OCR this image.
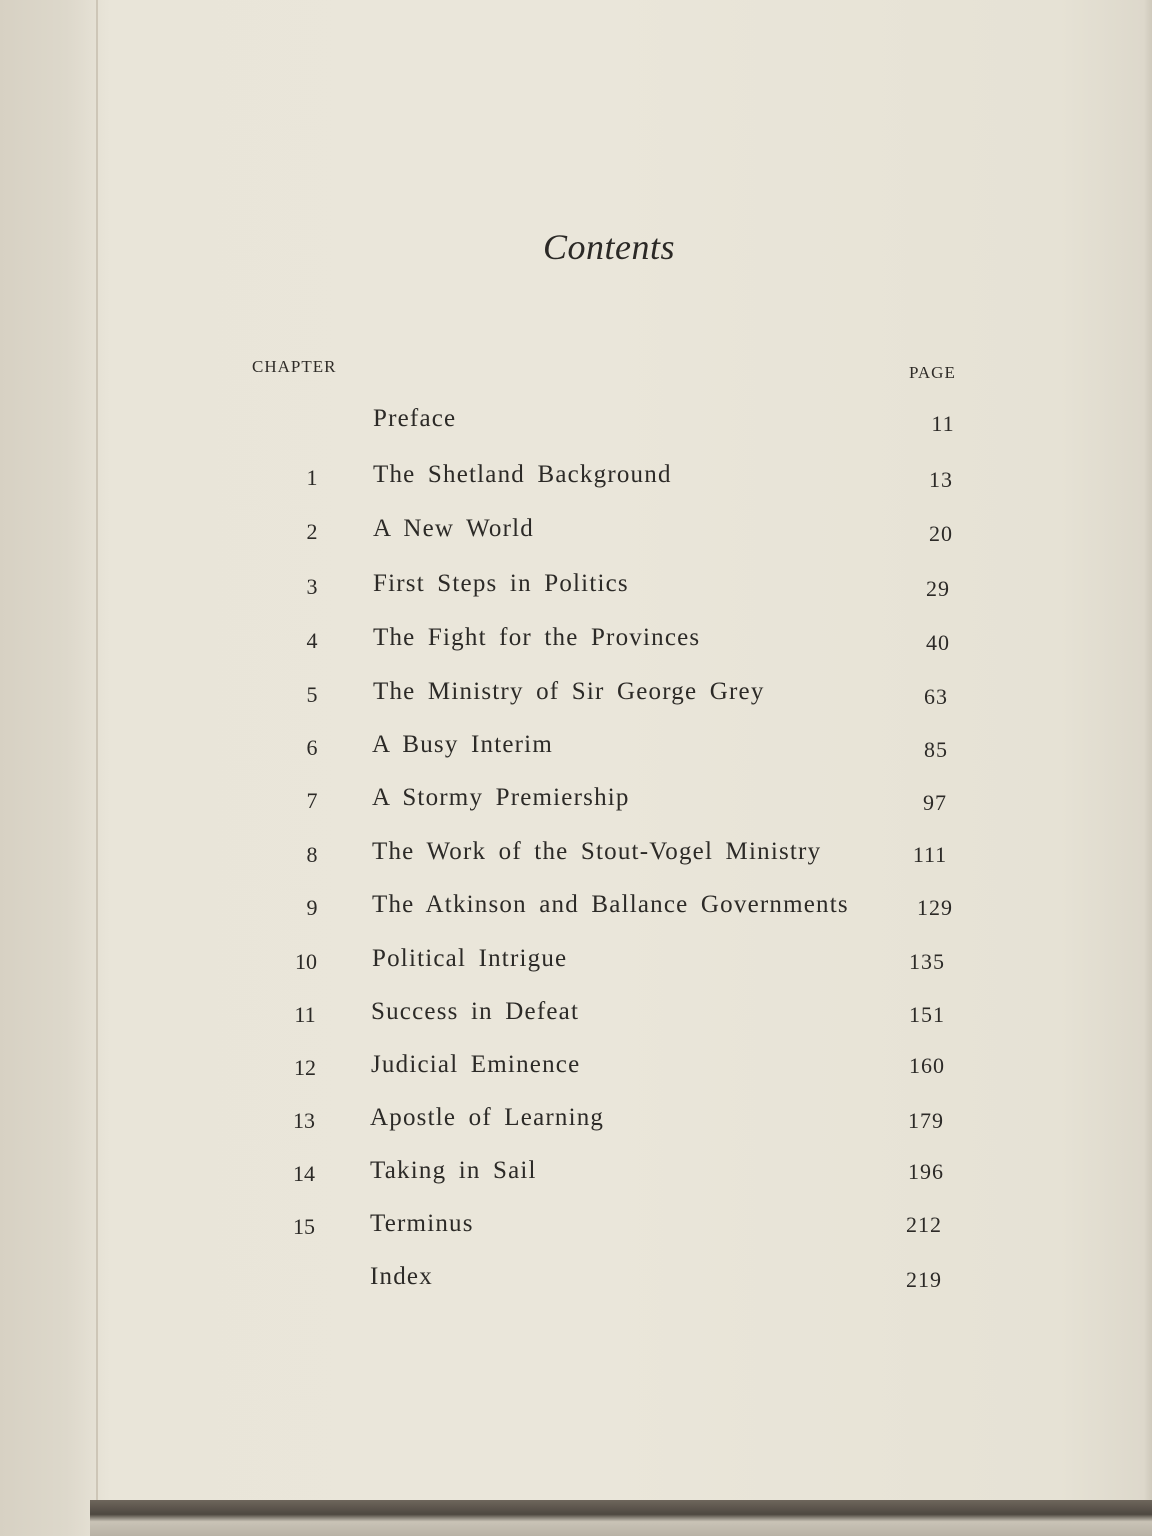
Contents
CHAPTER	PAGE
Preface	11
1	The Shetland Background	13
2	A New World	20
3	First Steps in Politics	29
4	The Fight for the Provinces	40
5	The Ministry of Sir George Grey	63
6	A Busy Interim	85
7	A Stormy Premiership	97
8	The Work of the Stout-Vogel Ministry	111
9	The Atkinson and Ballance Governments	129
10	Political Intrigue	135
11	Success in Defeat	151
12	Judicial Eminence	160
13	Apostle of Learning	179
14	Taking in Sail	196
15	Terminus	212
Index	219
